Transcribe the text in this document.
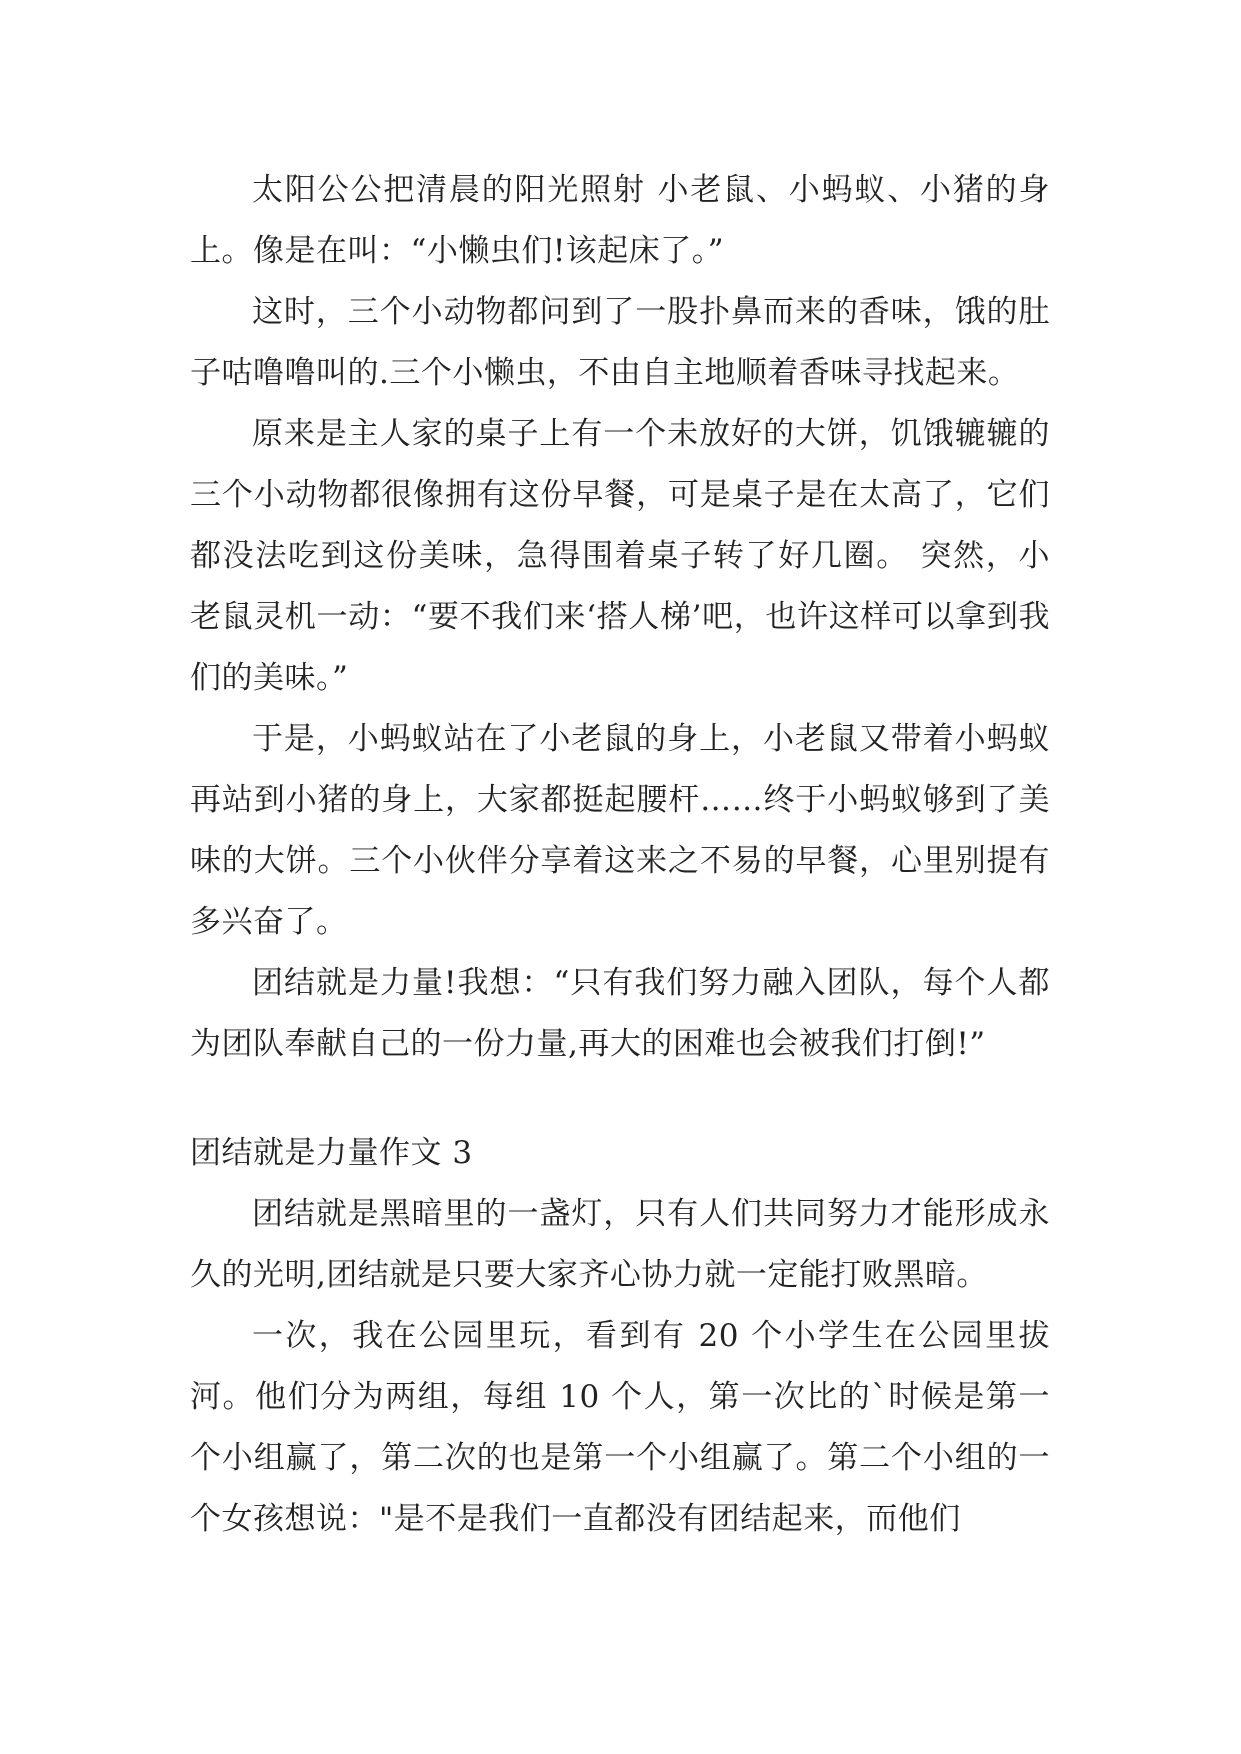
太阳公公把清晨的阳光照射 小老鼠、小蚂蚁、小猪的身上。像是在叫：“小懒虫们!该起床了。”

这时，三个小动物都问到了一股扑鼻而来的香味，饿的肚子咕噜噜叫的.三个小懒虫，不由自主地顺着香味寻找起来。

原来是主人家的桌子上有一个未放好的大饼，饥饿辘辘的三个小动物都很像拥有这份早餐，可是桌子是在太高了，它们都没法吃到这份美味，急得围着桌子转了好几圈。 突然，小老鼠灵机一动：“要不我们来‘搭人梯’吧，也许这样可以拿到我们的美味。”

于是，小蚂蚁站在了小老鼠的身上，小老鼠又带着小蚂蚁再站到小猪的身上，大家都挺起腰杆……终于小蚂蚁够到了美味的大饼。三个小伙伴分享着这来之不易的早餐，心里别提有多兴奋了。

团结就是力量!我想：“只有我们努力融入团队，每个人都为团队奉献自己的一份力量,再大的困难也会被我们打倒!”

团结就是力量作文 3

团结就是黑暗里的一盏灯，只有人们共同努力才能形成永久的光明,团结就是只要大家齐心协力就一定能打败黑暗。

一次，我在公园里玩，看到有 20 个小学生在公园里拔河。他们分为两组，每组 10 个人，第一次比的`时候是第一个小组赢了，第二次的也是第一个小组赢了。第二个小组的一个女孩想说："是不是我们一直都没有团结起来，而他们
